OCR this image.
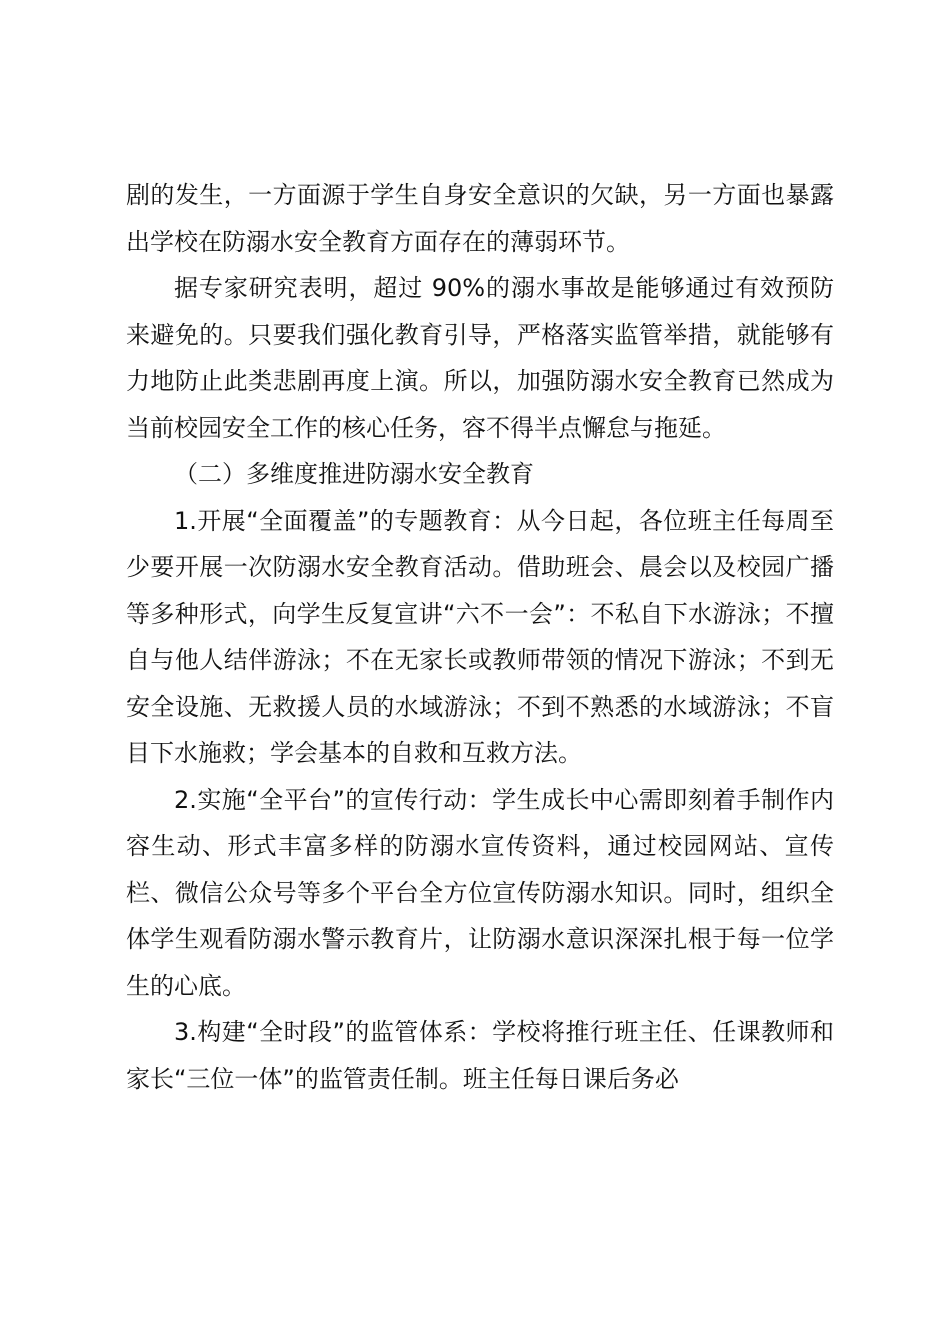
剧的发生，一方面源于学生自身安全意识的欠缺，另一方面也暴露出学校在防溺水安全教育方面存在的薄弱环节。

据专家研究表明，超过 90%的溺水事故是能够通过有效预防来避免的。只要我们强化教育引导，严格落实监管举措，就能够有力地防止此类悲剧再度上演。所以，加强防溺水安全教育已然成为当前校园安全工作的核心任务，容不得半点懈怠与拖延。

（二）多维度推进防溺水安全教育

1.开展“全面覆盖”的专题教育：从今日起，各位班主任每周至少要开展一次防溺水安全教育活动。借助班会、晨会以及校园广播等多种形式，向学生反复宣讲“六不一会”：不私自下水游泳；不擅自与他人结伴游泳；不在无家长或教师带领的情况下游泳；不到无安全设施、无救援人员的水域游泳；不到不熟悉的水域游泳；不盲目下水施救；学会基本的自救和互救方法。

2.实施“全平台”的宣传行动：学生成长中心需即刻着手制作内容生动、形式丰富多样的防溺水宣传资料，通过校园网站、宣传栏、微信公众号等多个平台全方位宣传防溺水知识。同时，组织全体学生观看防溺水警示教育片，让防溺水意识深深扎根于每一位学生的心底。

3.构建“全时段”的监管体系：学校将推行班主任、任课教师和家长“三位一体”的监管责任制。班主任每日课后务必
